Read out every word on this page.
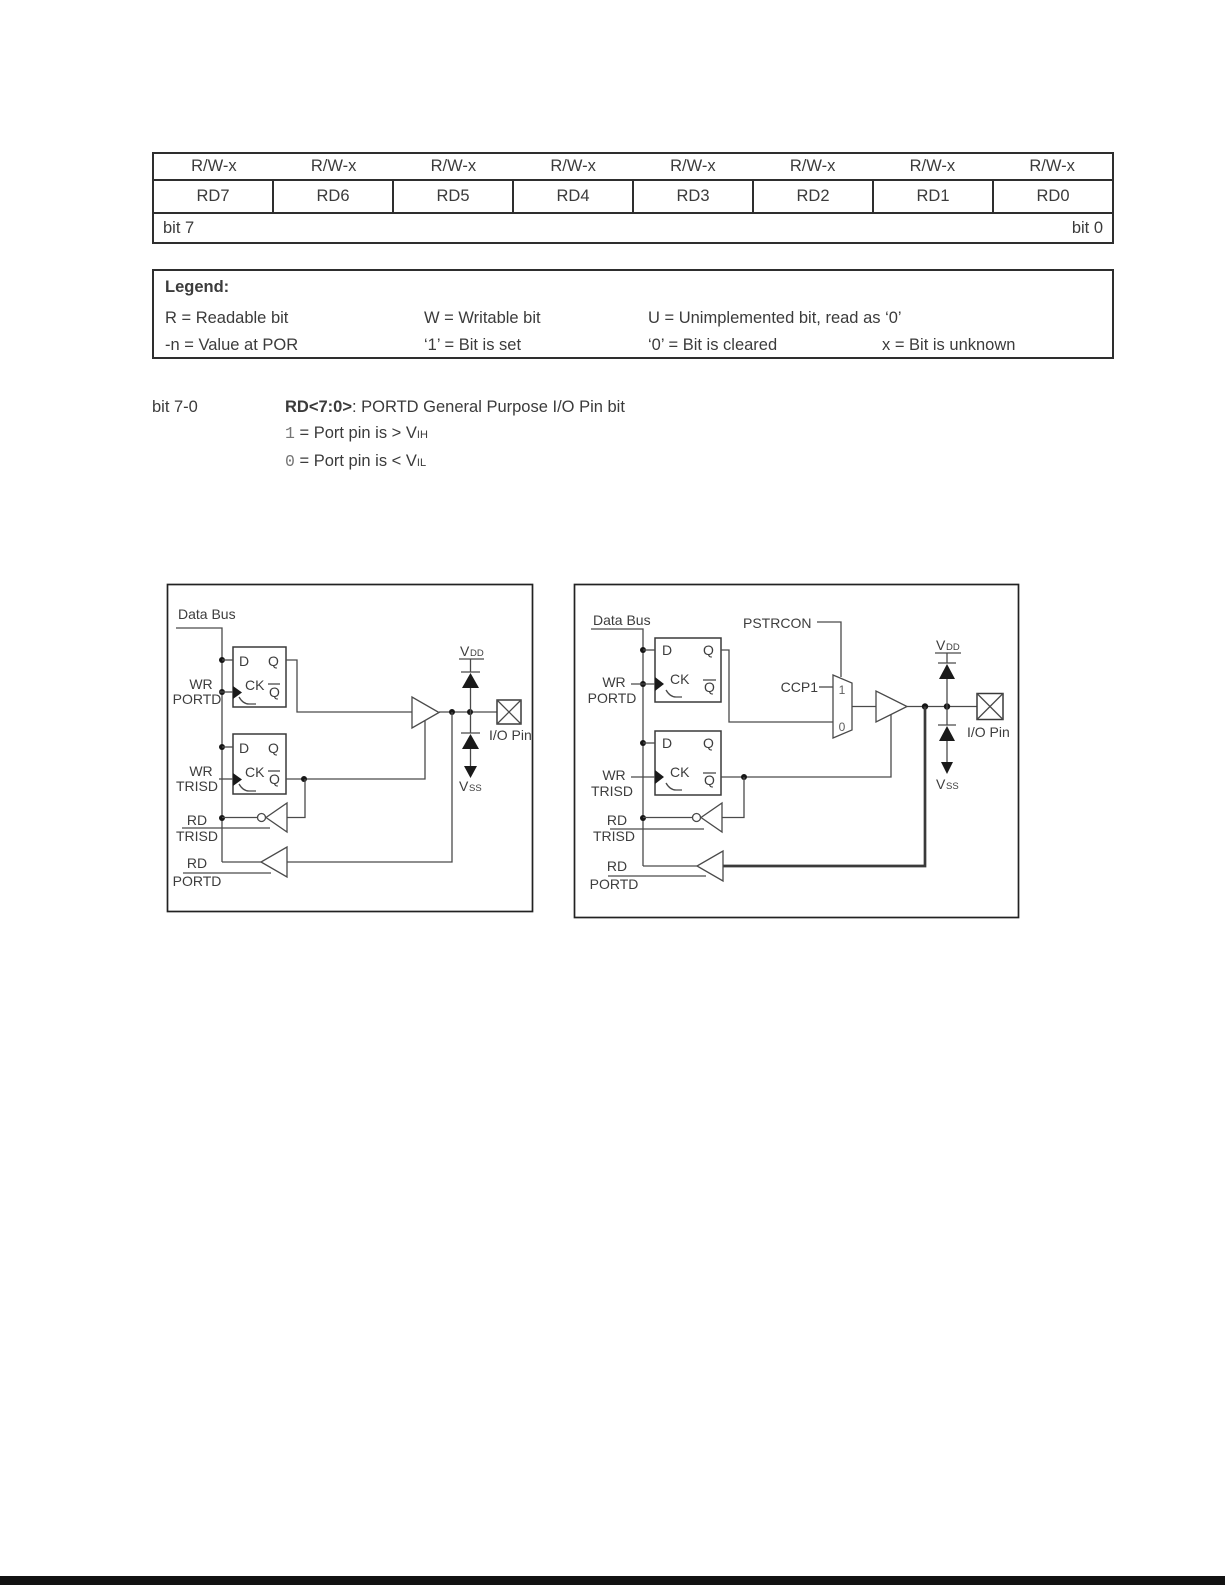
R/W-x	R/W-x	R/W-x	R/W-x	R/W-x	R/W-x	R/W-x	R/W-x
RD7	RD6	RD5	RD4	RD3	RD2	RD1	RD0
bit 7	bit 0
Legend:
R = Readable bit	W = Writable bit	U = Unimplemented bit, read as ‘0’
-n = Value at POR	‘1’ = Bit is set	‘0’ = Bit is cleared	x = Bit is unknown
bit 7-0	RD<7:0>: PORTD General Purpose I/O Pin bit
1 = Port pin is > VIH
0 = Port pin is < VIL
Data Bus
D Q
CK Q
WR
PORTD
D Q
CK Q
WR
TRISD
RD
TRISD
RD
PORTD
V DD
V SS
I/O Pin
Data Bus
D Q
CK Q
WR
PORTD
D Q
CK Q
WR
TRISD
PSTRCON
CCP1 1
0
RD
TRISD
RD
PORTD
V DD
V SS
I/O Pin
